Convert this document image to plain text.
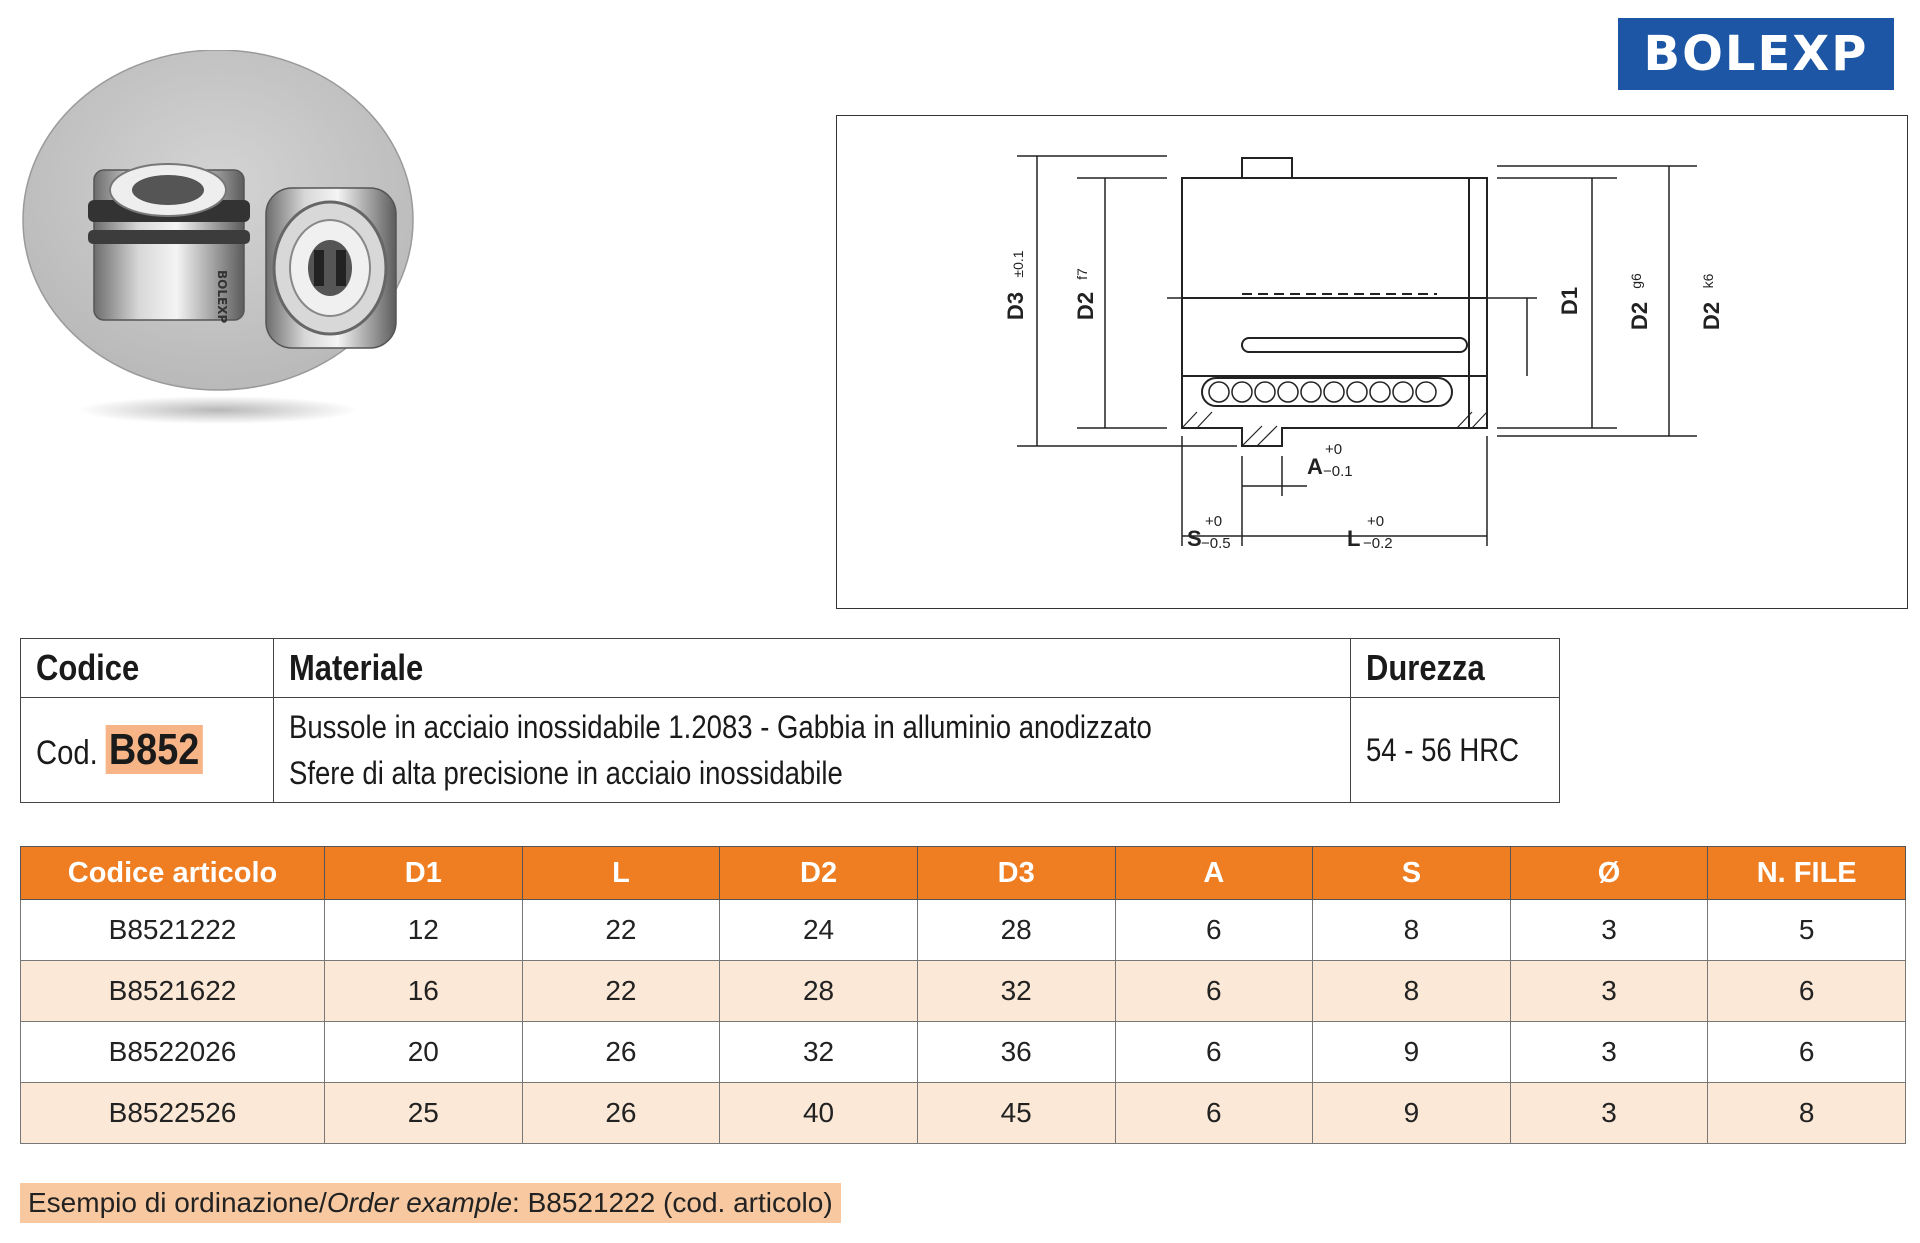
BOLEXP
BOLEXP	D3
±0.1
D2
f7
D1
D2
g6
D2
k6
A
+0
−0.1
S
+0
−0.5	L
+0
−0.2
Codice	Materiale	Durezza
Cod. B852	Bussole in acciaio inossidabile 1.2083 - Gabbia in alluminio anodizzato
Sfere di alta precisione in acciaio inossidabile	54 - 56 HRC
Codice articolo	D1	L	D2	D3	A	S	Ø	N. FILE
B8521222	12	22	24	28	6	8	3	5
B8521622	16	22	28	32	6	8	3	6
B8522026	20	26	32	36	6	9	3	6
B8522526	25	26	40	45	6	9	3	8
Esempio di ordinazione/ Order example : B8521222 (cod. articolo)
